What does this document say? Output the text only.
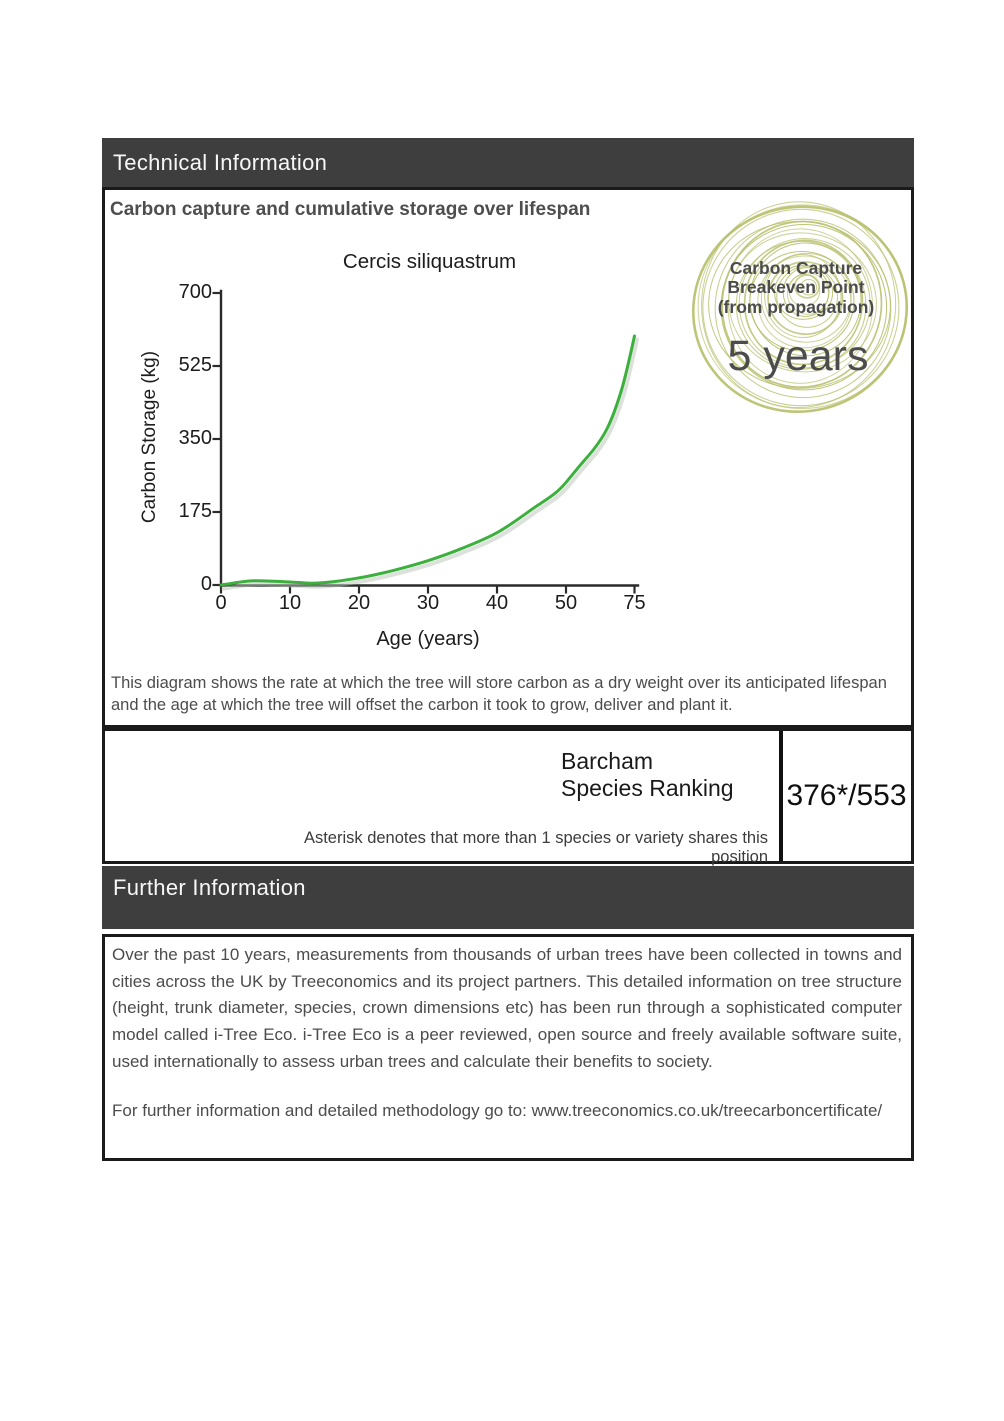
Technical Information
Carbon capture and cumulative storage over lifespan
Cercis siliquastrum
Carbon Storage (kg)
Age (years)
700
525
350
175
0
0	10	20	30	40	50	75
Carbon Capture
Breakeven Point
(from propagation)
5 years
This diagram shows the rate at which the tree will store carbon as a dry weight over its anticipated lifespan and the age at which the tree will offset the carbon it took to grow, deliver and plant it.
Barcham
Species Ranking
Asterisk denotes that more than 1 species or variety shares this position
376*/553
Further Information
Over the past 10 years, measurements from thousands of urban trees have been collected in towns and cities across the UK by Treeconomics and its project partners. This detailed information on tree structure (height, trunk diameter, species, crown dimensions etc) has been run through a sophisticated computer model called i-Tree Eco. i-Tree Eco is a peer reviewed, open source and freely available software suite, used internationally to assess urban trees and calculate their benefits to society.
For further information and detailed methodology go to: www.treeconomics.co.uk/treecarboncertificate/
